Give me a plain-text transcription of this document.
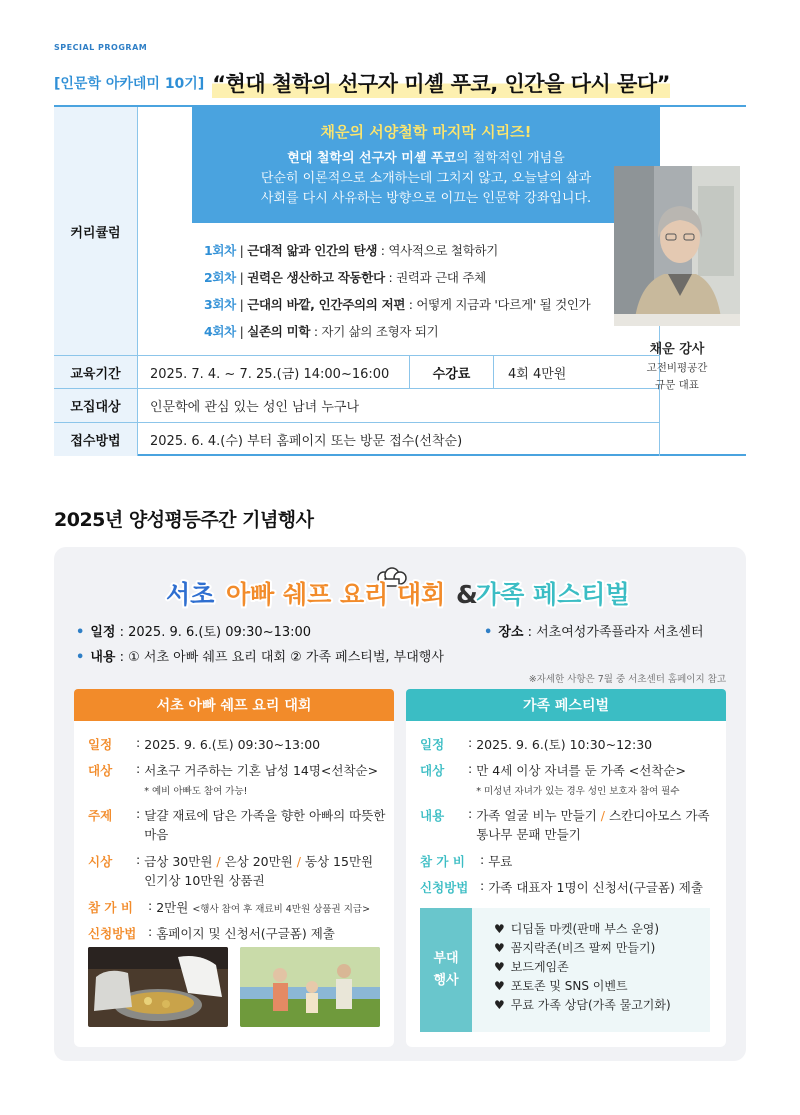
SPECIAL PROGRAM
[인문학 아카데미 10기] “현대 철학의 선구자 미셸 푸코, 인간을 다시 묻다”
커리큘럼
채운의 서양철학 마지막 시리즈!
현대 철학의 선구자 미셸 푸코의 철학적인 개념을
단순히 이론적으로 소개하는데 그치지 않고, 오늘날의 삶과
사회를 다시 사유하는 방향으로 이끄는 인문학 강좌입니다.
1회차 | 근대적 앎과 인간의 탄생 : 역사적으로 철학하기
2회차 | 권력은 생산하고 작동한다 : 권력과 근대 주체
3회차 | 근대의 바깥, 인간주의의 저편 : 어떻게 지금과 '다르게' 될 것인가
4회차 | 실존의 미학 : 자기 삶의 조형자 되기
교육기간	2025. 7. 4. ~ 7. 25.(금) 14:00~16:00	수강료	4회 4만원
모집대상	인문학에 관심 있는 성인 남녀 누구나
접수방법	2025. 6. 4.(수) 부터 홈페이지 또는 방문 접수(선착순)
채운 강사
고전비평공간
규문 대표
2025년 양성평등주간 기념행사
서초 아빠 쉐프 요리 대회 &
가족 페스티벌
• 일정 : 2025. 9. 6.(토) 09:30~13:00	• 장소 : 서초여성가족플라자 서초센터
• 내용 : ① 서초 아빠 쉐프 요리 대회 ② 가족 페스티벌, 부대행사
※자세한 사항은 7월 중 서초센터 홈페이지 참고
서초 아빠 쉐프 요리 대회
일정	: 2025. 9. 6.(토) 09:30~13:00
대상	: 서초구 거주하는 기혼 남성 14명<선착순>
* 예비 아빠도 참여 가능!
주제	: 달걀 재료에 담은 가족을 향한 아빠의 따뜻한
마음
시상	: 금상 30만원 / 은상 20만원 / 동상 15만원
인기상 10만원 상품권
참 가 비	: 2만원 <행사 참여 후 재료비 4만원 상품권 지급>
신청방법 : 홈페이지 및 신청서(구글폼) 제출
가족 페스티벌
일정	: 2025. 9. 6.(토) 10:30~12:30
대상	: 만 4세 이상 자녀를 둔 가족 <선착순>
* 미성년 자녀가 있는 경우 성인 보호자 참여 필수
내용	: 가족 얼굴 비누 만들기 / 스칸디아모스 가족
통나무 문패 만들기
참 가 비	: 무료
신청방법 : 가족 대표자 1명이 신청서(구글폼) 제출
부대
행사
♥ 디딤돌 마켓(판매 부스 운영)
♥ 꼼지락존(비즈 팔찌 만들기)
♥ 보드게임존
♥ 포토존 및 SNS 이벤트
♥ 무료 가족 상담(가족 물고기화)
